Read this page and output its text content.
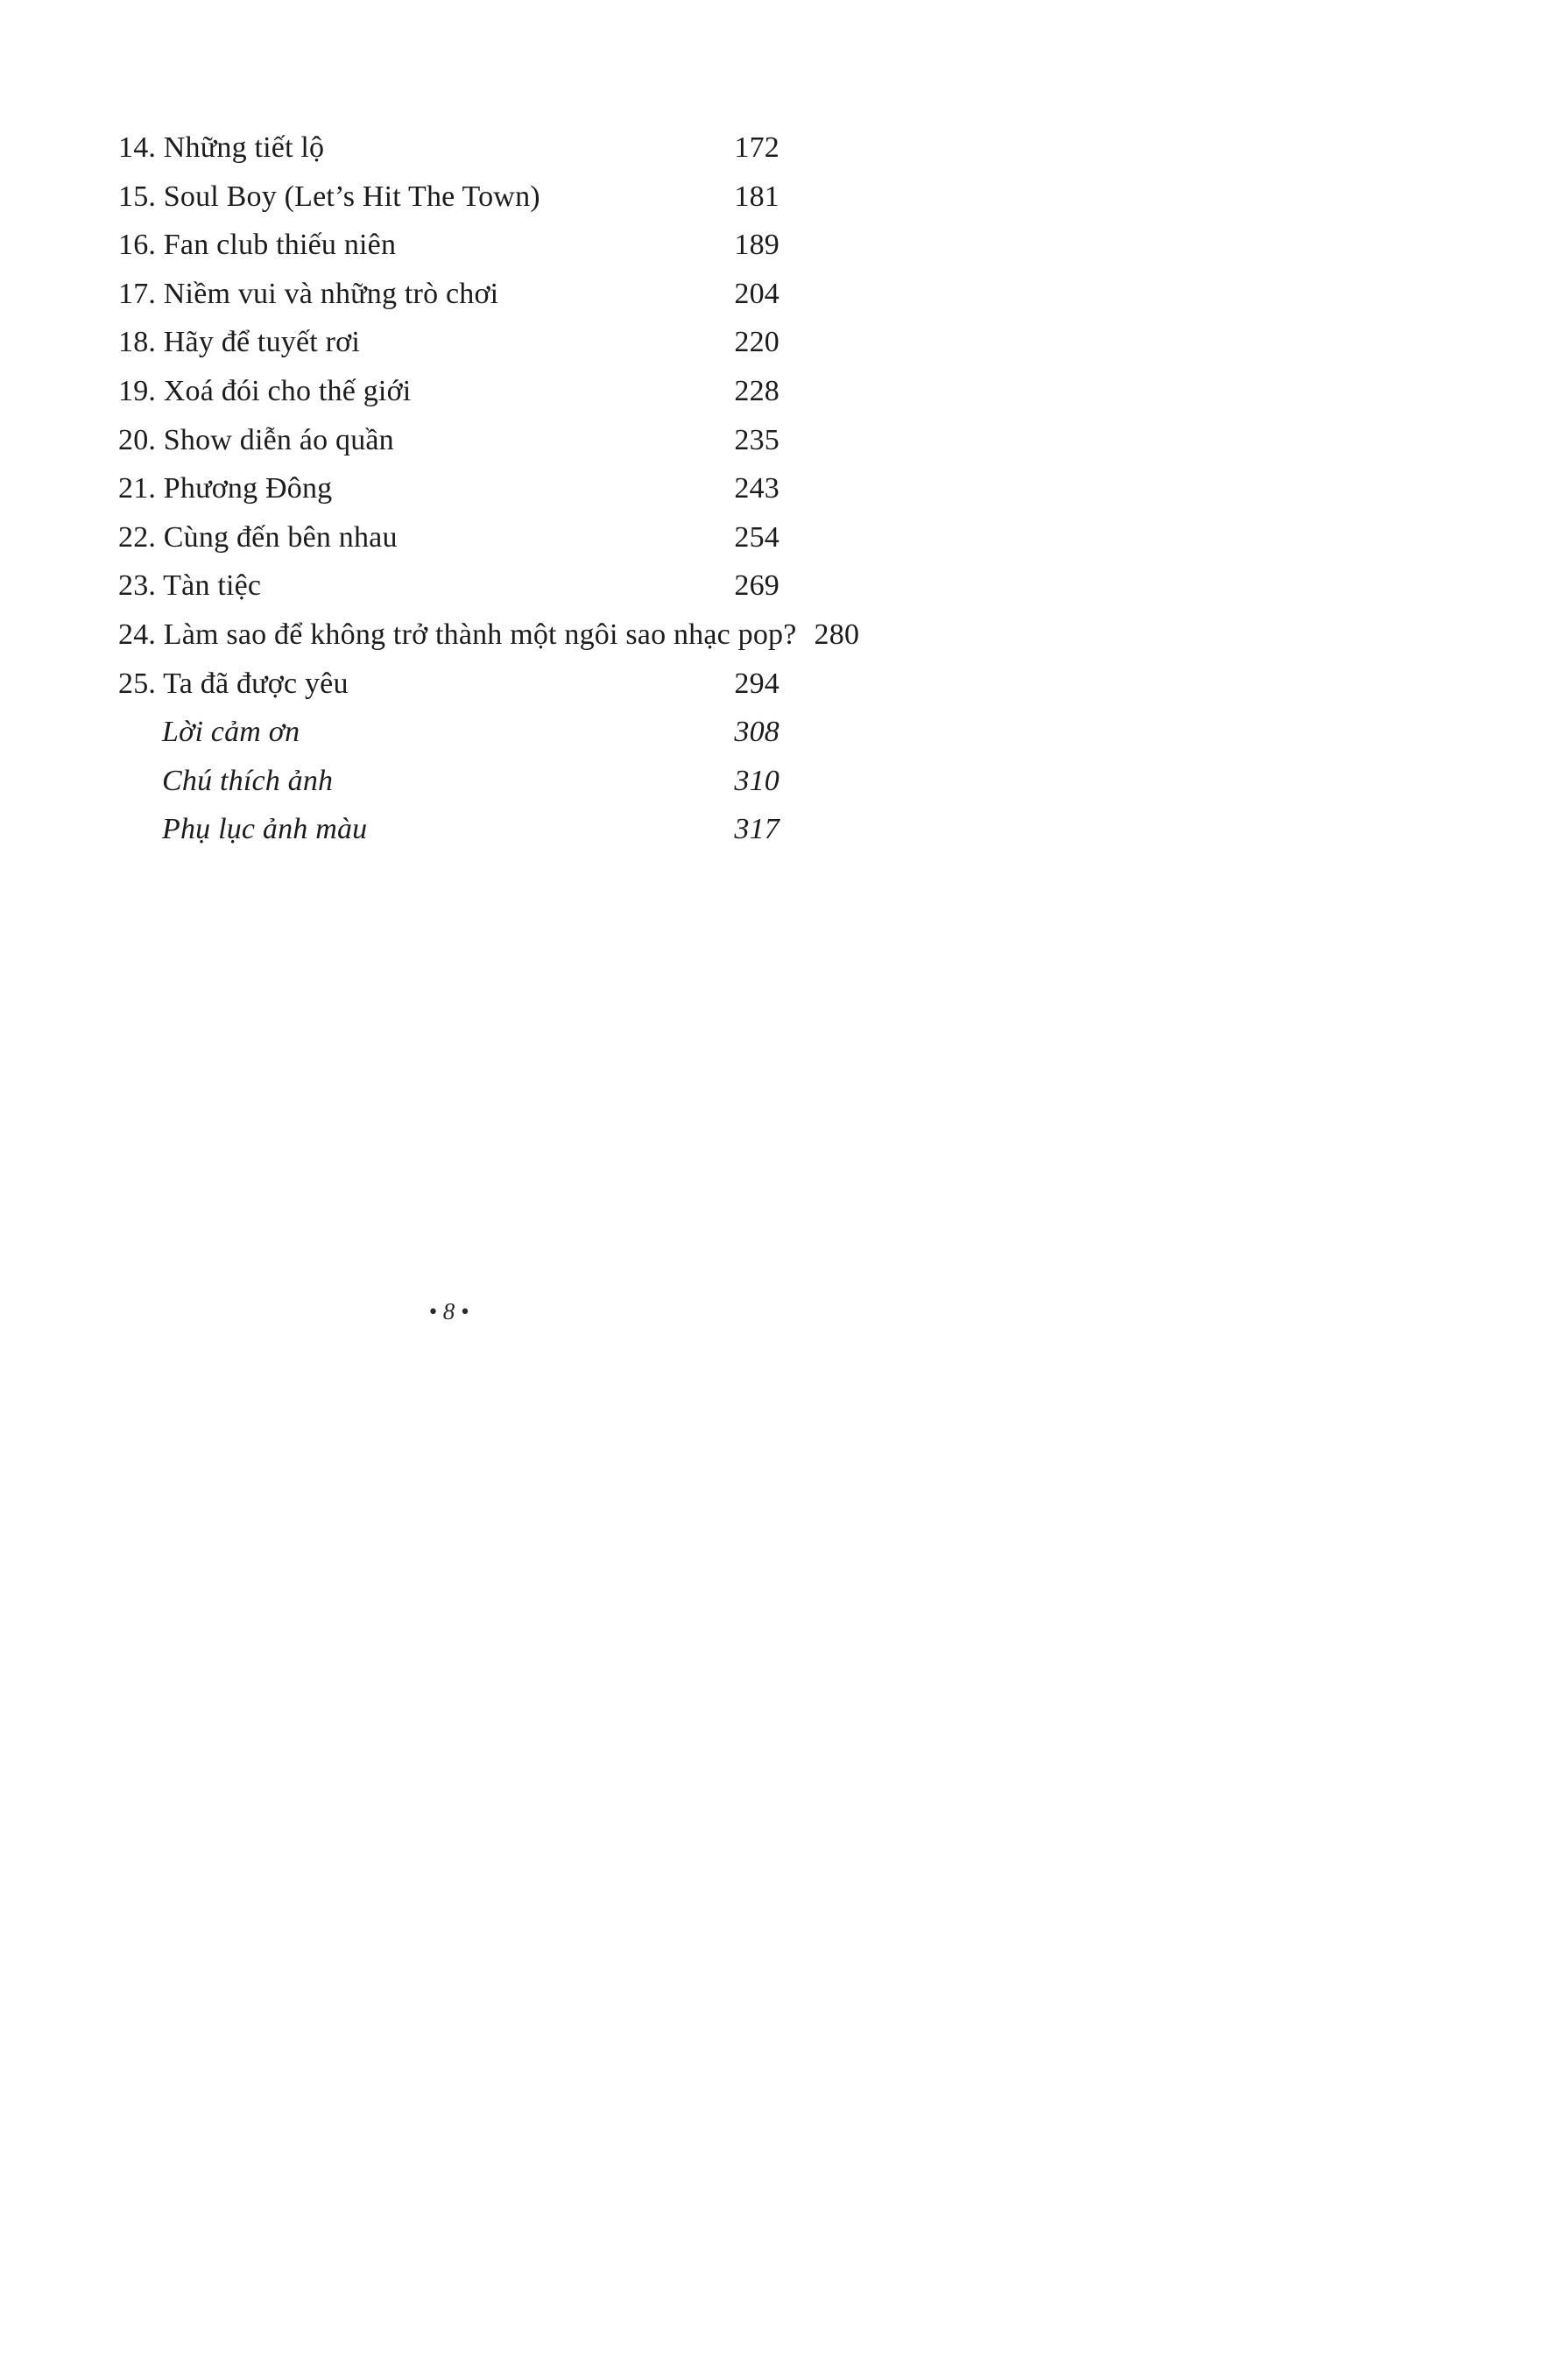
14. Những tiết lộ	172
15. Soul Boy (Let’s Hit The Town)	181
16. Fan club thiếu niên	189
17. Niềm vui và những trò chơi	204
18. Hãy để tuyết rơi	220
19. Xoá đói cho thế giới	228
20. Show diễn áo quần	235
21. Phương Đông	243
22. Cùng đến bên nhau	254
23. Tàn tiệc	269
24. Làm sao để không trở thành một ngôi sao nhạc pop? 280
25. Ta đã được yêu	294
Lời cảm ơn	308
Chú thích ảnh	310
Phụ lục ảnh màu	317
• 8 •
